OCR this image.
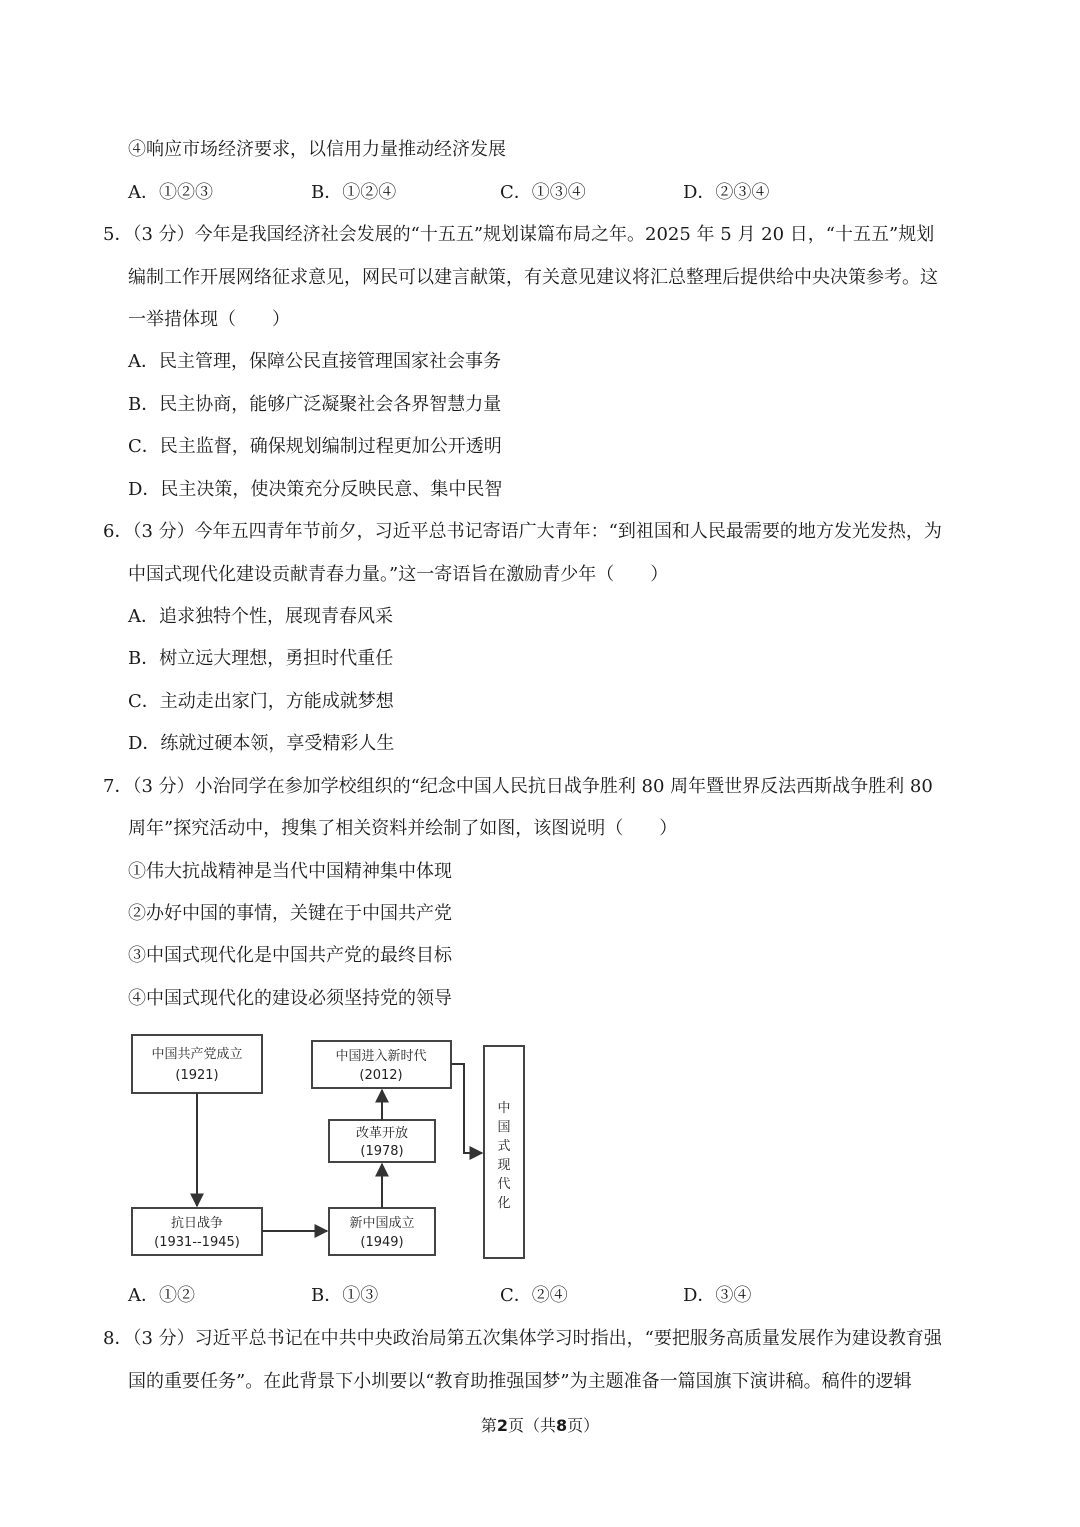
④响应市场经济要求，以信用力量推动经济发展
A．①②③	B．①②④	C．①③④	D．②③④
5．（3 分）今年是我国经济社会发展的“十五五”规划谋篇布局之年。2025 年 5 月 20 日，“十五五”规划
编制工作开展网络征求意见，网民可以建言献策，有关意见建议将汇总整理后提供给中央决策参考。这
一举措体现（　　）
A．民主管理，保障公民直接管理国家社会事务
B．民主协商，能够广泛凝聚社会各界智慧力量
C．民主监督，确保规划编制过程更加公开透明
D．民主决策，使决策充分反映民意、集中民智
6．（3 分）今年五四青年节前夕，习近平总书记寄语广大青年：“到祖国和人民最需要的地方发光发热，为
中国式现代化建设贡献青春力量。”这一寄语旨在激励青少年（　　）
A．追求独特个性，展现青春风采
B．树立远大理想，勇担时代重任
C．主动走出家门，方能成就梦想
D．练就过硬本领，享受精彩人生
7．（3 分）小治同学在参加学校组织的“纪念中国人民抗日战争胜利 80 周年暨世界反法西斯战争胜利 80
周年”探究活动中，搜集了相关资料并绘制了如图，该图说明（　　）
①伟大抗战精神是当代中国精神集中体现
②办好中国的事情，关键在于中国共产党
③中国式现代化是中国共产党的最终目标
④中国式现代化的建设必须坚持党的领导
中国共产党成立
(1921)
抗日战争
(1931--1945)
新中国成立
(1949)
改革开放
(1978)
中国进入新时代
(2012)
中
国
式
现
代
化
A．①②	B．①③	C．②④	D．③④
8．（3 分）习近平总书记在中共中央政治局第五次集体学习时指出，“要把服务高质量发展作为建设教育强
国的重要任务”。在此背景下小圳要以“教育助推强国梦”为主题准备一篇国旗下演讲稿。稿件的逻辑
第2页（共8页）
